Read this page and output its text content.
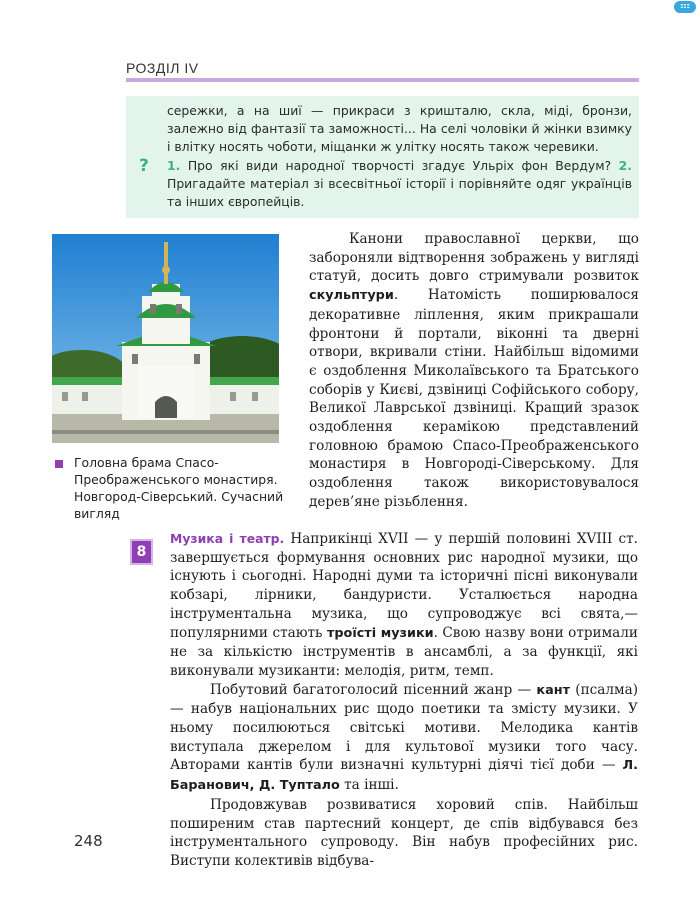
ΞΞΞ
РОЗДІЛ IV
сережки, а на шиї — прикраси з кришталю, скла, міді, бронзи, залежно від фантазії та заможності... На селі чоловіки й жінки взимку і влітку носять чоботи, міщанки ж улітку носять також черевики.
? 1. Про які види народної творчості згадує Ульріх фон Вердум? 2. Пригадайте матеріал зі всесвітньої історії і порівняйте одяг українців та інших європейців.
Головна брама Спасо-Преображенського монастиря. Новгород-Сіверський. Сучасний вигляд

Канони православної церкви, що забороняли відтворення зображень у вигляді статуй, досить довго стримували розвиток скульптури. Натомість поширювалося декоративне ліплення, яким прикрашали фронтони й портали, віконні та дверні отвори, вкривали стіни. Найбільш відомими є оздоблення Миколаївського та Братського соборів у Києві, дзвіниці Софійського собору, Великої Лаврської дзвіниці. Кращий зразок оздоблення керамікою представлений головною брамою Спасо-Преображенського монастиря в Новгороді-Сіверському. Для оздоблення також використовувалося дерев’яне різьблення.

8

Музика і театр. Наприкінці XVII — у першій половині XVIII ст. завершується формування основних рис народної музики, що існують і сьогодні. Народні думи та історичні пісні виконували кобзарі, лірники, бандуристи. Усталюється народна інструментальна музика, що супроводжує всі свята,— популярними стають троїсті музики. Свою назву вони отримали не за кількістю інструментів в ансамблі, а за функції, які виконували музиканти: мелодія, ритм, темп.

Побутовий багатоголосий пісенний жанр — кант (псалма) — набув національних рис щодо поетики та змісту музики. У ньому посилюються світські мотиви. Мелодика кантів виступала джерелом і для культової музики того часу. Авторами кантів були визначні культурні діячі тієї доби — Л. Баранович, Д. Туптало та інші.

Продовжував розвиватися хоровий спів. Найбільш поширеним став партесний концерт, де спів відбувався без інструментального супроводу. Він набув професійних рис. Виступи колективів відбува-

248
